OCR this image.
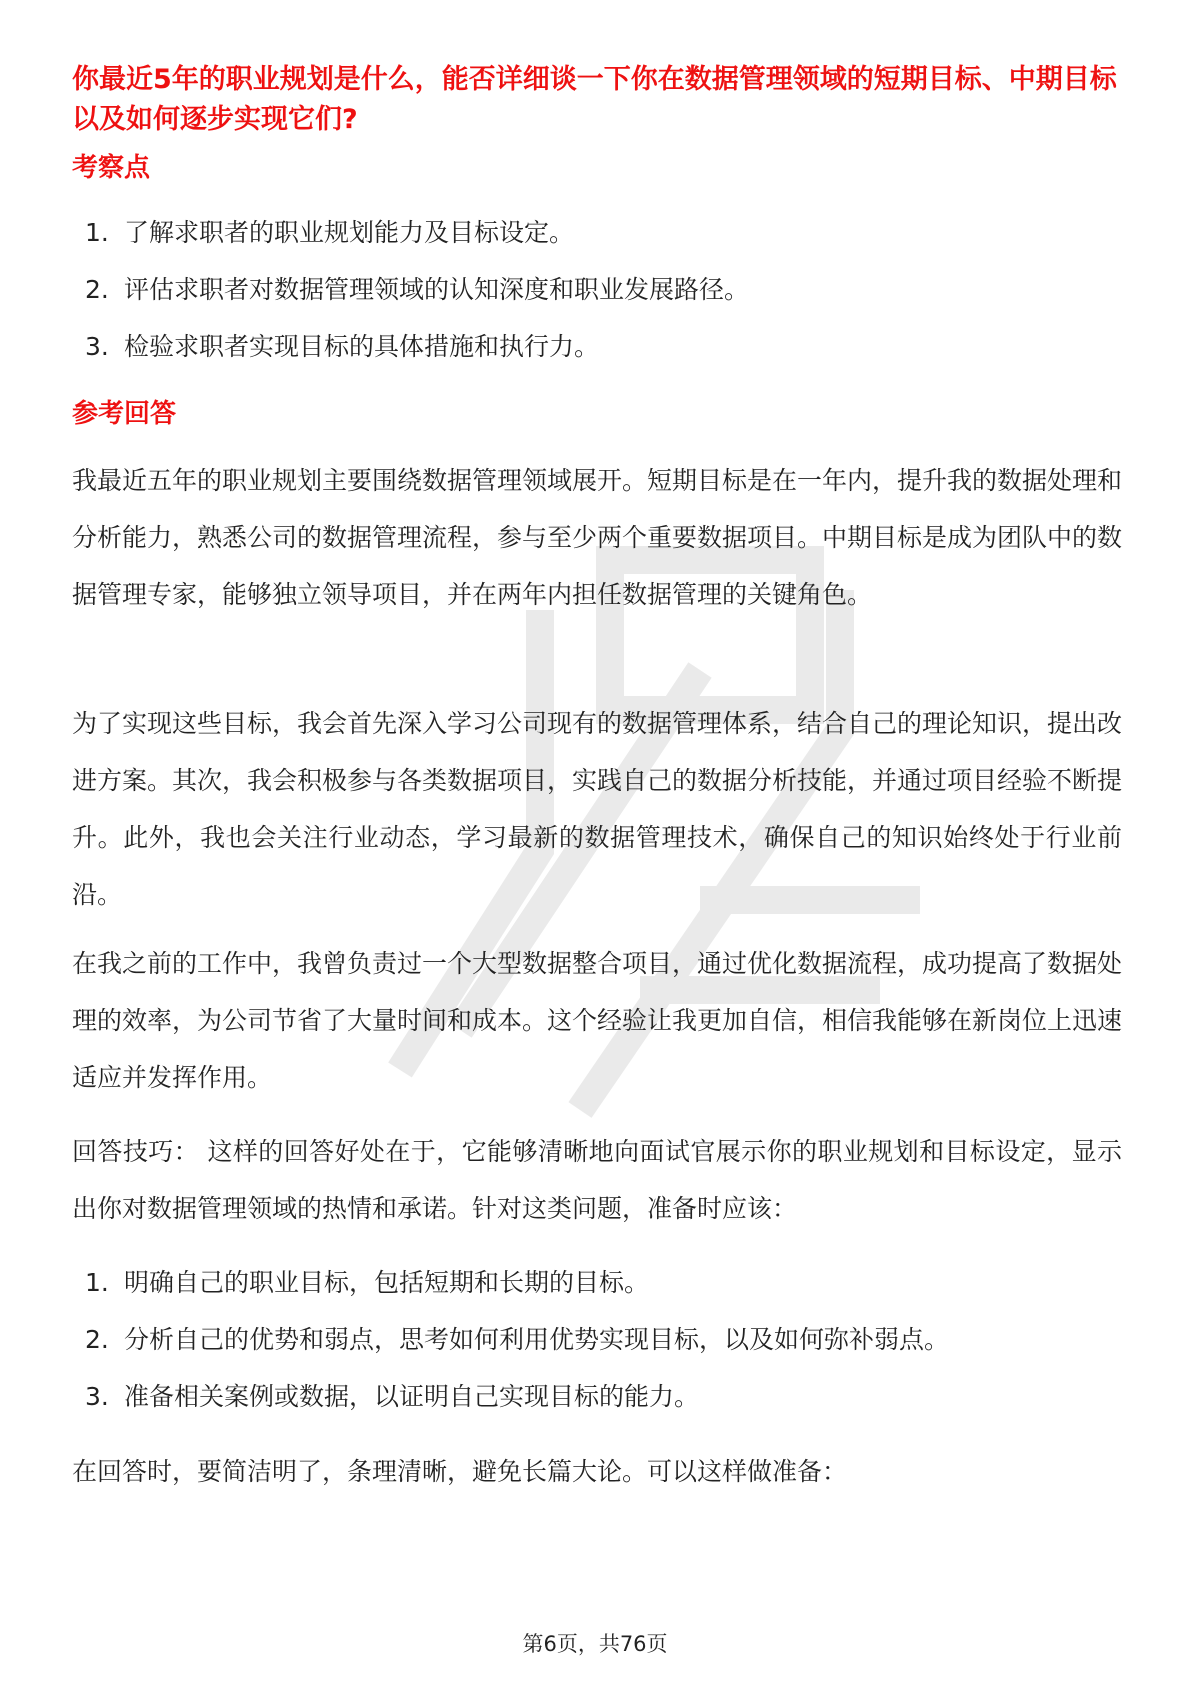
你最近5年的职业规划是什么，能否详细谈一下你在数据管理领域的短期目标、中期目标以及如何逐步实现它们?
考察点
1. 了解求职者的职业规划能力及目标设定。
2. 评估求职者对数据管理领域的认知深度和职业发展路径。
3. 检验求职者实现目标的具体措施和执行力。
参考回答

我最近五年的职业规划主要围绕数据管理领域展开。短期目标是在一年内，提升我的数据处理和分析能力，熟悉公司的数据管理流程，参与至少两个重要数据项目。中期目标是成为团队中的数据管理专家，能够独立领导项目，并在两年内担任数据管理的关键角色。

为了实现这些目标，我会首先深入学习公司现有的数据管理体系，结合自己的理论知识，提出改进方案。其次，我会积极参与各类数据项目，实践自己的数据分析技能，并通过项目经验不断提升。此外，我也会关注行业动态，学习最新的数据管理技术，确保自己的知识始终处于行业前沿。

在我之前的工作中，我曾负责过一个大型数据整合项目，通过优化数据流程，成功提高了数据处理的效率，为公司节省了大量时间和成本。这个经验让我更加自信，相信我能够在新岗位上迅速适应并发挥作用。

回答技巧： 这样的回答好处在于，它能够清晰地向面试官展示你的职业规划和目标设定，显示出你对数据管理领域的热情和承诺。针对这类问题，准备时应该：

1. 明确自己的职业目标，包括短期和长期的目标。
2. 分析自己的优势和弱点，思考如何利用优势实现目标，以及如何弥补弱点。
3. 准备相关案例或数据，以证明自己实现目标的能力。

在回答时，要简洁明了，条理清晰，避免长篇大论。可以这样做准备：

第6页，共76页
